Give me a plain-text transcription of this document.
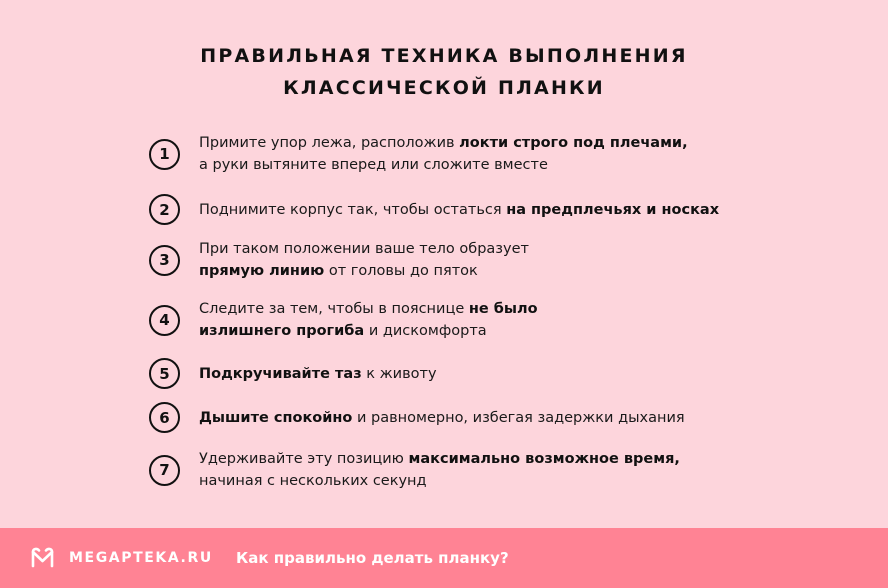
ПРАВИЛЬНАЯ ТЕХНИКА ВЫПОЛНЕНИЯ
КЛАССИЧЕСКОЙ ПЛАНКИ
1
Примите упор лежа, расположив локти строго под плечами,
а руки вытяните вперед или сложите вместе
2	Поднимите корпус так, чтобы остаться на предплечьях и носках
3
При таком положении ваше тело образует
прямую линию от головы до пяток
4
Следите за тем, чтобы в пояснице не было
излишнего прогиба и дискомфорта
5	Подкручивайте таз к животу
6	Дышите спокойно и равномерно, избегая задержки дыхания
7
Удерживайте эту позицию максимально возможное время,
начиная с нескольких секунд
MEGAPTEKA.RU Как правильно делать планку?
